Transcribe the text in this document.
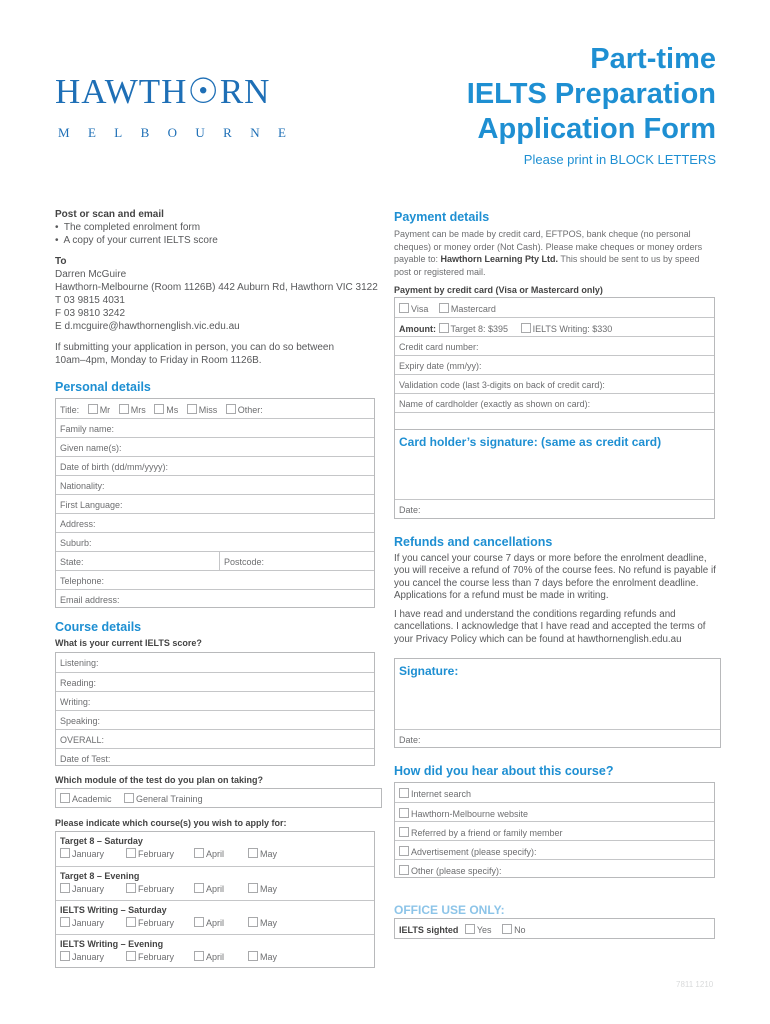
HAWTH☉RN
M E L B O U R N E
Part-time
IELTS Preparation
Application Form
Please print in BLOCK LETTERS
Post or scan and email
•  The completed enrolment form
•  A copy of your current IELTS score
To
Darren McGuire
Hawthorn-Melbourne (Room 1126B) 442 Auburn Rd, Hawthorn VIC 3122
T 03 9815 4031
F 03 9810 3242
E d.mcguire@hawthornenglish.vic.edu.au
If submitting your application in person, you can do so between
10am–4pm, Monday to Friday in Room 1126B.
Personal details
Title: Mr Mrs Ms Miss Other:
Family name:
Given name(s):
Date of birth (dd/mm/yyyy):
Nationality:
First Language:
Address:
Suburb:
State:	Postcode:
Telephone:
Email address:
Course details
What is your current IELTS score?
Listening:
Reading:
Writing:
Speaking:
OVERALL:
Date of Test:
Which module of the test do you plan on taking?
Academic	General Training
Please indicate which course(s) you wish to apply for:
Target 8 – Saturday
January	February	April	May
Target 8 – Evening
January	February	April	May
IELTS Writing – Saturday
January	February	April	May
IELTS Writing – Evening
January	February	April	May
Payment details
Payment can be made by credit card, EFTPOS, bank cheque (no personal cheques) or money order (Not Cash). Please make cheques or money orders payable to: Hawthorn Learning Pty Ltd. This should be sent to us by speed post or registered mail.
Payment by credit card (Visa or Mastercard only)
Visa	Mastercard
Amount: Target 8: $395	IELTS Writing: $330
Credit card number:
Expiry date (mm/yy):
Validation code (last 3-digits on back of credit card):
Name of cardholder (exactly as shown on card):
Card holder’s signature: (same as credit card)
Date:
Refunds and cancellations
If you cancel your course 7 days or more before the enrolment deadline, you will receive a refund of 70% of the course fees. No refund is payable if you cancel the course less than 7 days before the enrolment deadline. Applications for a refund must be made in writing.
I have read and understand the conditions regarding refunds and cancellations. I acknowledge that I have read and accepted the terms of your Privacy Policy which can be found at hawthornenglish.edu.au
Signature:
Date:
How did you hear about this course?
Internet search
Hawthorn-Melbourne website
Referred by a friend or family member
Advertisement (please specify):
Other (please specify):
OFFICE USE ONLY:
IELTS sighted Yes	No
7811 1210
